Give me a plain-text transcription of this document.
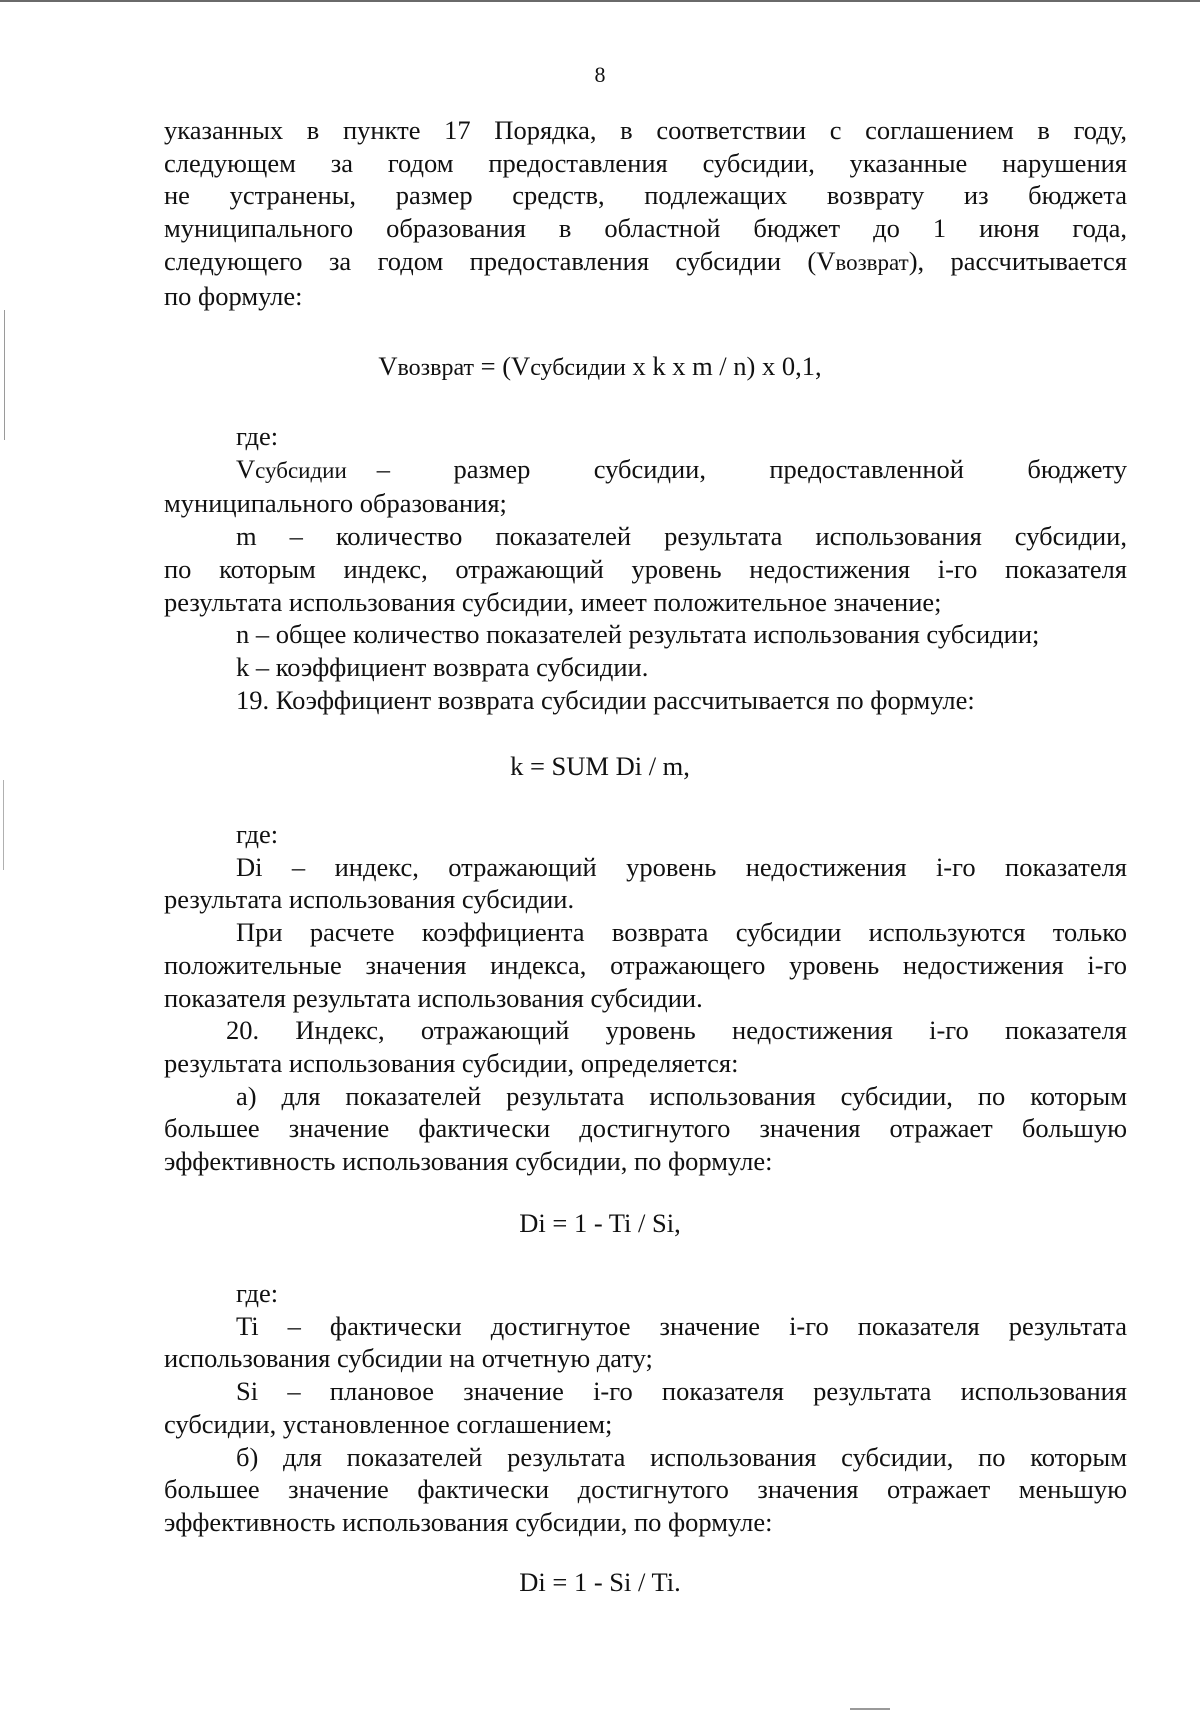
8

указанных в пункте 17 Порядка, в соответствии с соглашением в году,

следующем за годом предоставления субсидии, указанные нарушения

не устранены, размер средств, подлежащих возврату из бюджета

муниципального образования в областной бюджет до 1 июня года,

следующего за годом предоставления субсидии (Vвозврат), рассчитывается

по формуле:

Vвозврат = (Vсубсидии x k x m / n) x 0,1,

где:

Vсубсидии – размер субсидии, предоставленной бюджету

муниципального образования;

m – количество показателей результата использования субсидии,

по которым индекс, отражающий уровень недостижения i-го показателя

результата использования субсидии, имеет положительное значение;

n – общее количество показателей результата использования субсидии;

k – коэффициент возврата субсидии.

19. Коэффициент возврата субсидии рассчитывается по формуле:

k = SUM Di / m,

где:

Di – индекс, отражающий уровень недостижения i-го показателя

результата использования субсидии.

При расчете коэффициента возврата субсидии используются только

положительные значения индекса, отражающего уровень недостижения i-го

показателя результата использования субсидии.

20. Индекс, отражающий уровень недостижения i-го показателя

результата использования субсидии, определяется:

а) для показателей результата использования субсидии, по которым

большее значение фактически достигнутого значения отражает большую

эффективность использования субсидии, по формуле:

Di = 1 - Ti / Si,

где:

Ti – фактически достигнутое значение i-го показателя результата

использования субсидии на отчетную дату;

Si – плановое значение i-го показателя результата использования

субсидии, установленное соглашением;

б) для показателей результата использования субсидии, по которым

большее значение фактически достигнутого значения отражает меньшую

эффективность использования субсидии, по формуле:

Di = 1 - Si / Ti.
